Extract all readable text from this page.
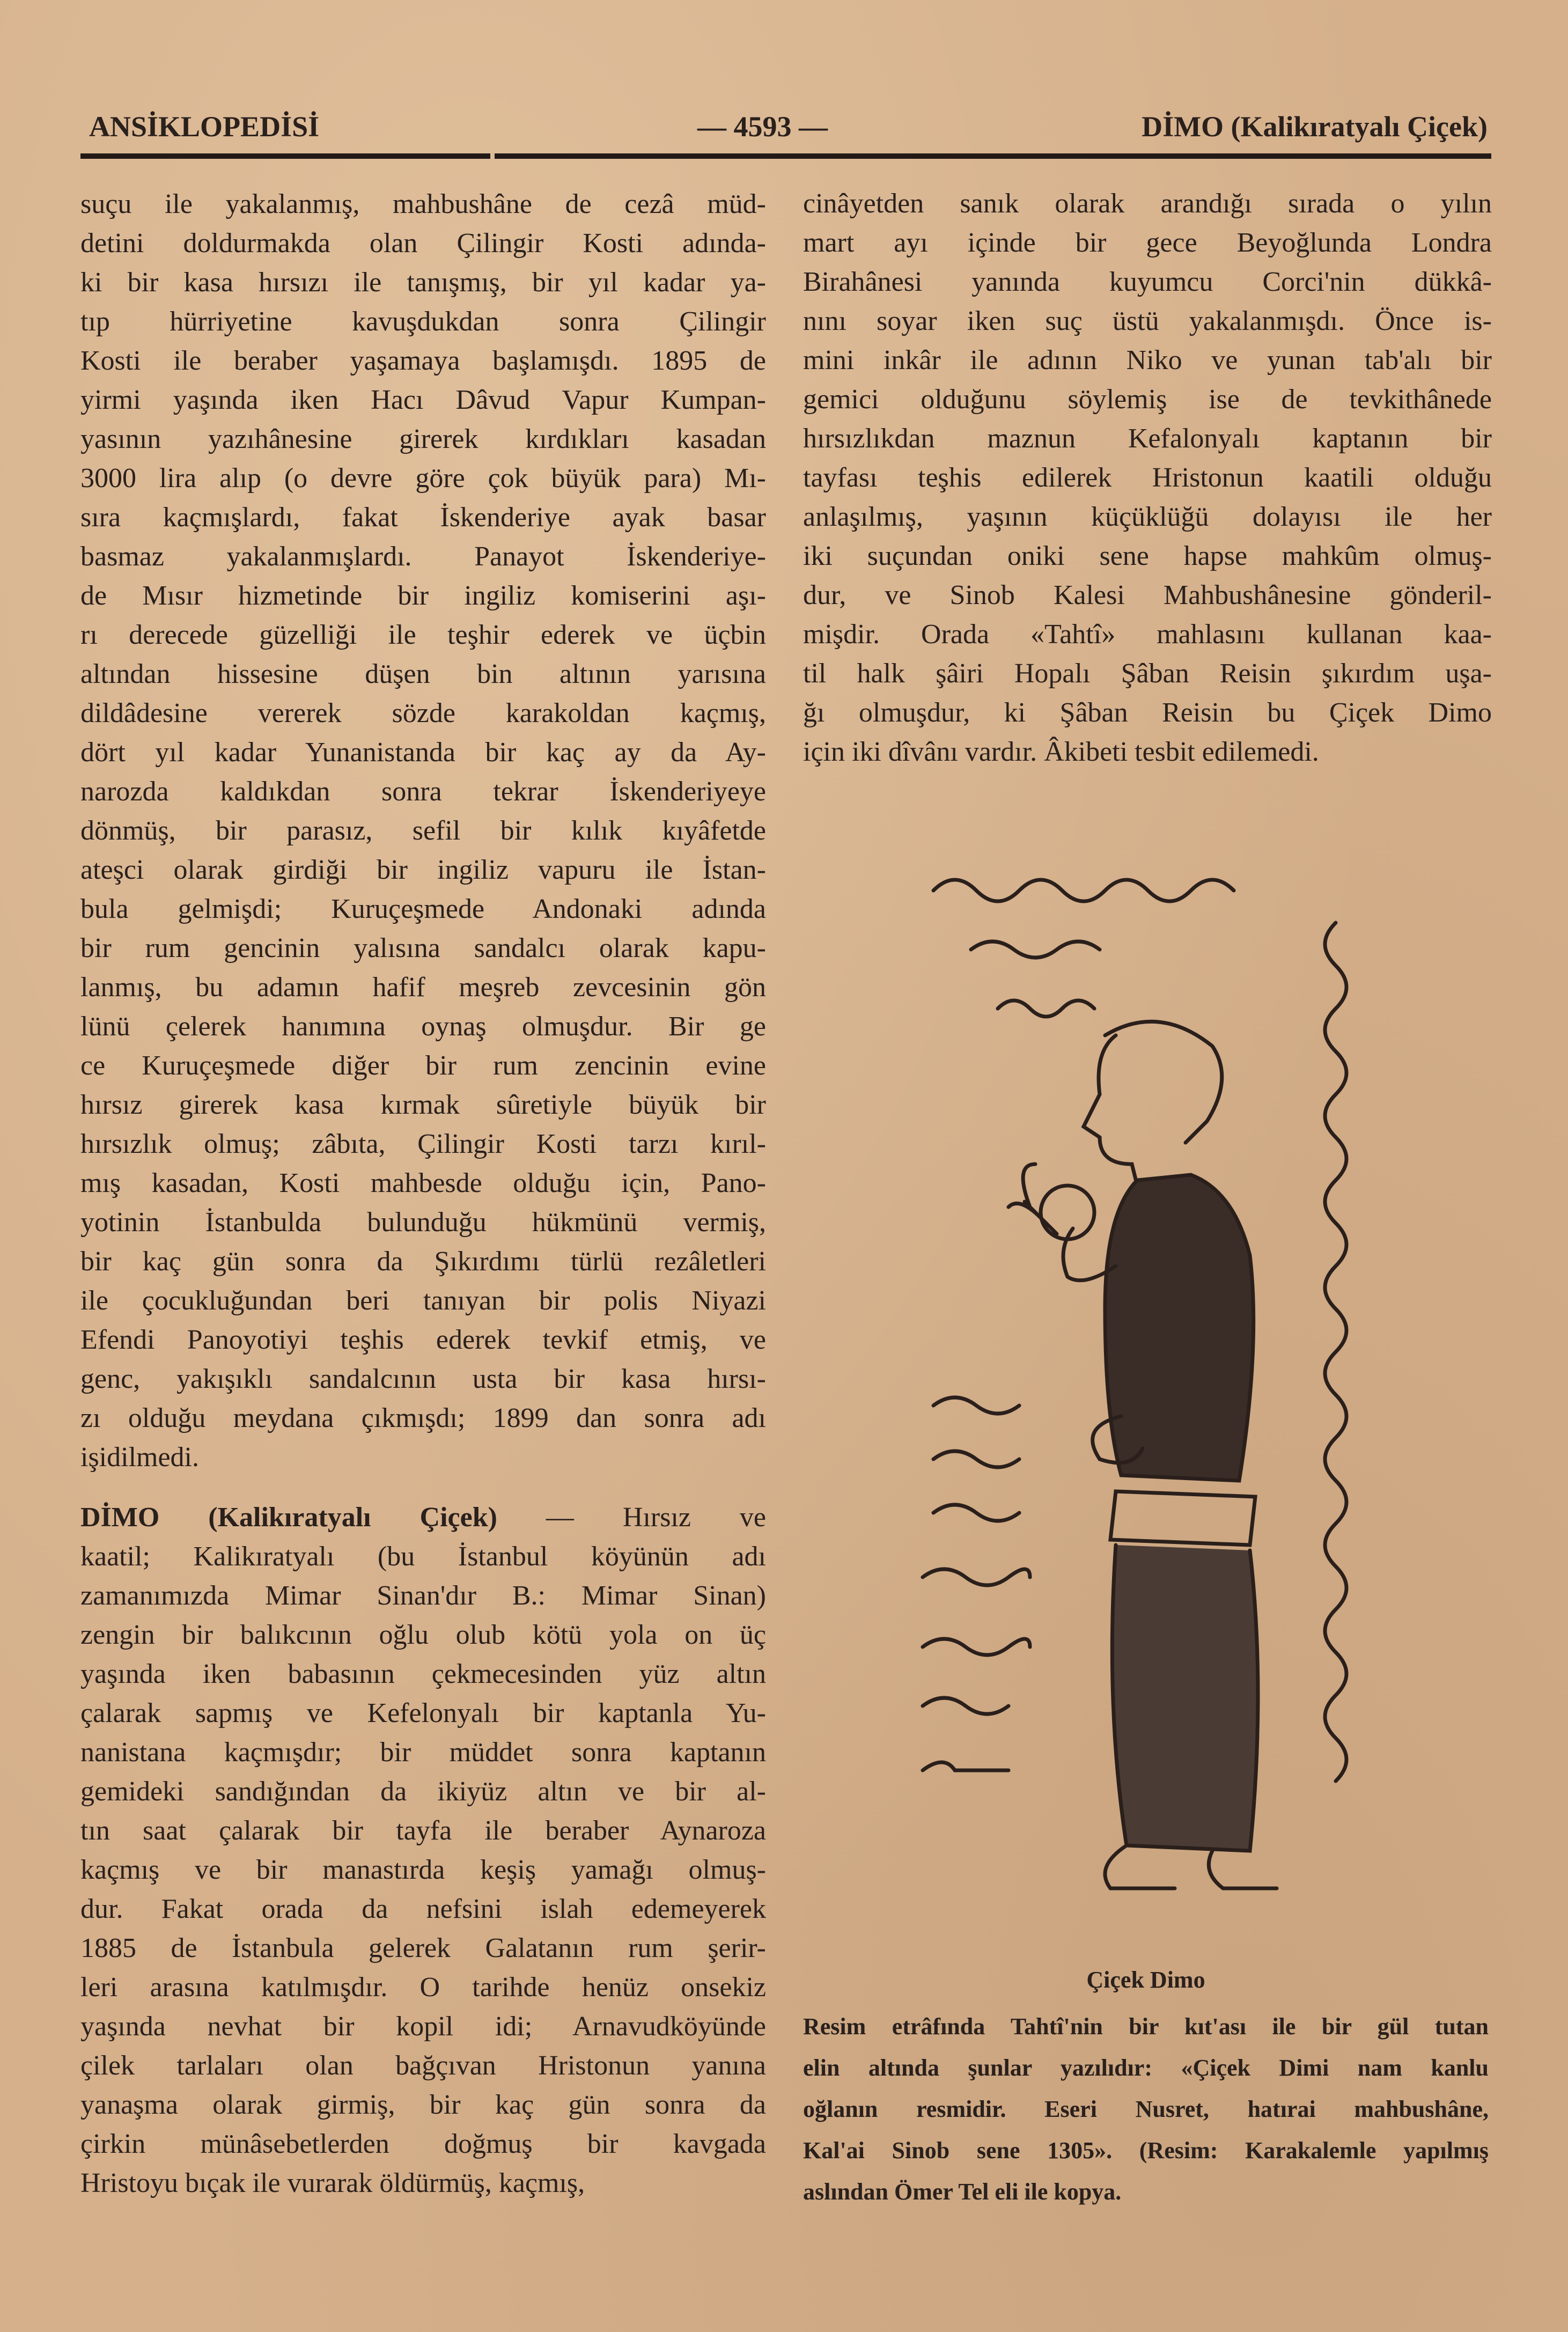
ANSİKLOPEDİSİ	— 4593 —	DİMO (Kalikıratyalı Çiçek)
suçu ile yakalanmış, mahbushâne de cezâ müd-
detini doldurmakda olan Çilingir Kosti adında-
ki bir kasa hırsızı ile tanışmış, bir yıl kadar ya-
tıp hürriyetine kavuşdukdan sonra Çilingir
Kosti ile beraber yaşamaya başlamışdı. 1895 de
yirmi yaşında iken Hacı Dâvud Vapur Kumpan-
yasının yazıhânesine girerek kırdıkları kasadan
3000 lira alıp (o devre göre çok büyük para) Mı-
sıra kaçmışlardı, fakat İskenderiye ayak basar
basmaz yakalanmışlardı. Panayot İskenderiye-
de Mısır hizmetinde bir ingiliz komiserini aşı-
rı derecede güzelliği ile teşhir ederek ve üçbin
altından hissesine düşen bin altının yarısına
dildâdesine vererek sözde karakoldan kaçmış,
dört yıl kadar Yunanistanda bir kaç ay da Ay-
narozda kaldıkdan sonra tekrar İskenderiyeye
dönmüş, bir parasız, sefil bir kılık kıyâfetde
ateşci olarak girdiği bir ingiliz vapuru ile İstan-
bula gelmişdi; Kuruçeşmede Andonaki adında
bir rum gencinin yalısına sandalcı olarak kapu-
lanmış, bu adamın hafif meşreb zevcesinin gön
lünü çelerek hanımına oynaş olmuşdur. Bir ge
ce Kuruçeşmede diğer bir rum zencinin evine
hırsız girerek kasa kırmak sûretiyle büyük bir
hırsızlık olmuş; zâbıta, Çilingir Kosti tarzı kırıl-
mış kasadan, Kosti mahbesde olduğu için, Pano-
yotinin İstanbulda bulunduğu hükmünü vermiş,
bir kaç gün sonra da Şıkırdımı türlü rezâletleri
ile çocukluğundan beri tanıyan bir polis Niyazi
Efendi Panoyotiyi teşhis ederek tevkif etmiş, ve
genc, yakışıklı sandalcının usta bir kasa hırsı-
zı olduğu meydana çıkmışdı; 1899 dan sonra adı
işidilmedi.
DİMO (Kalikıratyalı Çiçek) — Hırsız ve
kaatil; Kalikıratyalı (bu İstanbul köyünün adı
zamanımızda Mimar Sinan'dır B.: Mimar Sinan)
zengin bir balıkcının oğlu olub kötü yola on üç
yaşında iken babasının çekmecesinden yüz altın
çalarak sapmış ve Kefelonyalı bir kaptanla Yu-
nanistana kaçmışdır; bir müddet sonra kaptanın
gemideki sandığından da ikiyüz altın ve bir al-
tın saat çalarak bir tayfa ile beraber Aynaroza
kaçmış ve bir manastırda keşiş yamağı olmuş-
dur. Fakat orada da nefsini islah edemeyerek
1885 de İstanbula gelerek Galatanın rum şerir-
leri arasına katılmışdır. O tarihde henüz onsekiz
yaşında nevhat bir kopil idi; Arnavudköyünde
çilek tarlaları olan bağçıvan Hristonun yanına
yanaşma olarak girmiş, bir kaç gün sonra da
çirkin münâsebetlerden doğmuş bir kavgada
Hristoyu bıçak ile vurarak öldürmüş, kaçmış,
cinâyetden sanık olarak arandığı sırada o yılın
mart ayı içinde bir gece Beyoğlunda Londra
Birahânesi yanında kuyumcu Corci'nin dükkâ-
nını soyar iken suç üstü yakalanmışdı. Önce is-
mini inkâr ile adının Niko ve yunan tab'alı bir
gemici olduğunu söylemiş ise de tevkithânede
hırsızlıkdan maznun Kefalonyalı kaptanın bir
tayfası teşhis edilerek Hristonun kaatili olduğu
anlaşılmış, yaşının küçüklüğü dolayısı ile her
iki suçundan oniki sene hapse mahkûm olmuş-
dur, ve Sinob Kalesi Mahbushânesine gönderil-
mişdir. Orada «Tahtî» mahlasını kullanan kaa-
til halk şâiri Hopalı Şâban Reisin şıkırdım uşa-
ğı olmuşdur, ki Şâban Reisin bu Çiçek Dimo
için iki dîvânı vardır. Âkibeti tesbit edilemedi.
Çiçek Dimo
Resim etrâfında Tahtî'nin bir kıt'ası ile bir gül tutan
elin altında şunlar yazılıdır: «Çiçek Dimi nam kanlu
oğlanın resmidir. Eseri Nusret, hatırai mahbushâne,
Kal'ai Sinob sene 1305». (Resim: Karakalemle yapılmış
aslından Ömer Tel eli ile kopya.
